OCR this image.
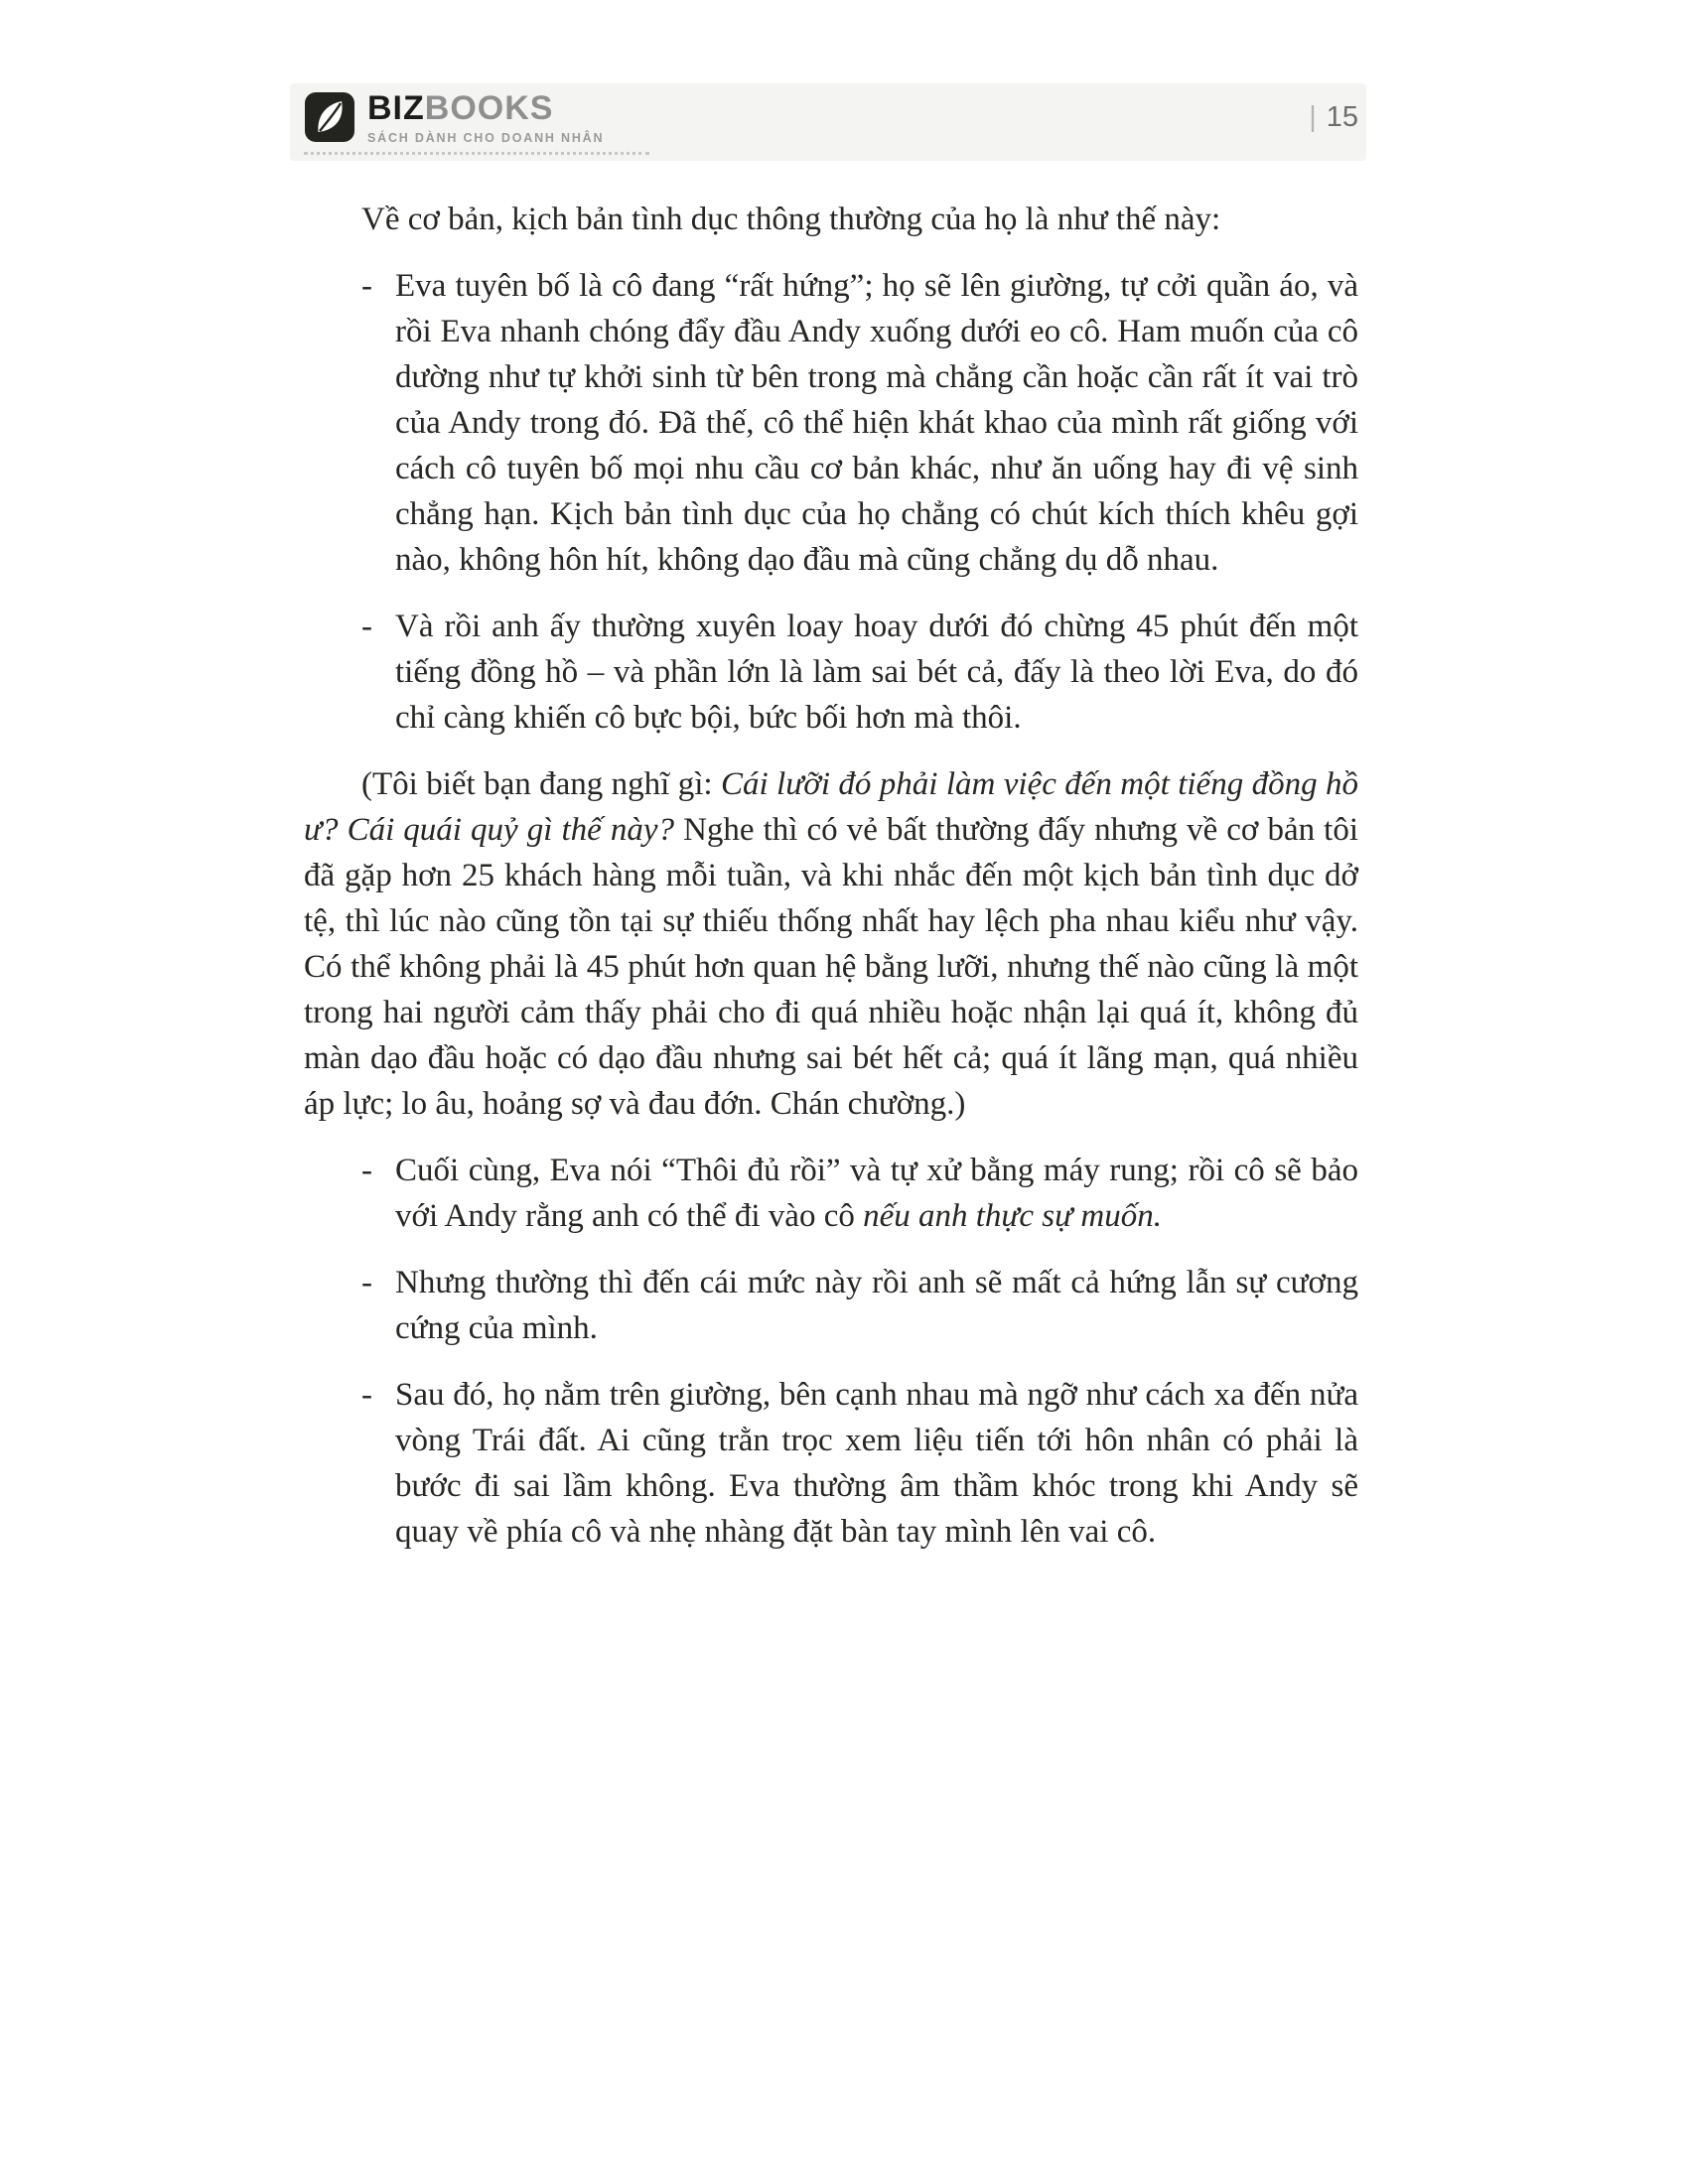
BIZBOOKS
SÁCH DÀNH CHO DOANH NHÂN
| 15

Về cơ bản, kịch bản tình dục thông thường của họ là như thế này:

- Eva tuyên bố là cô đang “rất hứng”; họ sẽ lên giường, tự cởi quần áo, và rồi Eva nhanh chóng đẩy đầu Andy xuống dưới eo cô. Ham muốn của cô dường như tự khởi sinh từ bên trong mà chẳng cần hoặc cần rất ít vai trò của Andy trong đó. Đã thế, cô thể hiện khát khao của mình rất giống với cách cô tuyên bố mọi nhu cầu cơ bản khác, như ăn uống hay đi vệ sinh chẳng hạn. Kịch bản tình dục của họ chẳng có chút kích thích khêu gợi nào, không hôn hít, không dạo đầu mà cũng chẳng dụ dỗ nhau.

- Và rồi anh ấy thường xuyên loay hoay dưới đó chừng 45 phút đến một tiếng đồng hồ – và phần lớn là làm sai bét cả, đấy là theo lời Eva, do đó chỉ càng khiến cô bực bội, bức bối hơn mà thôi.

(Tôi biết bạn đang nghĩ gì: Cái lưỡi đó phải làm việc đến một tiếng đồng hồ ư? Cái quái quỷ gì thế này? Nghe thì có vẻ bất thường đấy nhưng về cơ bản tôi đã gặp hơn 25 khách hàng mỗi tuần, và khi nhắc đến một kịch bản tình dục dở tệ, thì lúc nào cũng tồn tại sự thiếu thống nhất hay lệch pha nhau kiểu như vậy. Có thể không phải là 45 phút hơn quan hệ bằng lưỡi, nhưng thế nào cũng là một trong hai người cảm thấy phải cho đi quá nhiều hoặc nhận lại quá ít, không đủ màn dạo đầu hoặc có dạo đầu nhưng sai bét hết cả; quá ít lãng mạn, quá nhiều áp lực; lo âu, hoảng sợ và đau đớn. Chán chường.)

- Cuối cùng, Eva nói “Thôi đủ rồi” và tự xử bằng máy rung; rồi cô sẽ bảo với Andy rằng anh có thể đi vào cô nếu anh thực sự muốn.

- Nhưng thường thì đến cái mức này rồi anh sẽ mất cả hứng lẫn sự cương cứng của mình.

- Sau đó, họ nằm trên giường, bên cạnh nhau mà ngỡ như cách xa đến nửa vòng Trái đất. Ai cũng trằn trọc xem liệu tiến tới hôn nhân có phải là bước đi sai lầm không. Eva thường âm thầm khóc trong khi Andy sẽ quay về phía cô và nhẹ nhàng đặt bàn tay mình lên vai cô.
